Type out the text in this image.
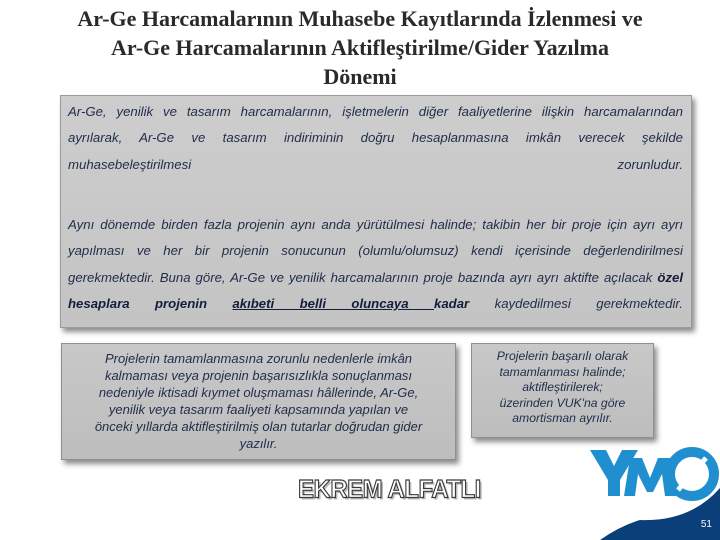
Ar-Ge Harcamalarının Muhasebe Kayıtlarında İzlenmesi ve
Ar-Ge Harcamalarının Aktifleştirilme/Gider Yazılma
Dönemi

Ar-Ge, yenilik ve tasarım harcamalarının, işletmelerin diğer faaliyetlerine ilişkin harcamalarından ayrılarak, Ar-Ge ve tasarım indiriminin doğru hesaplanmasına imkân verecek şekilde muhasebeleştirilmesi zorunludur.

Aynı dönemde birden fazla projenin aynı anda yürütülmesi halinde; takibin her bir proje için ayrı ayrı yapılması ve her bir projenin sonucunun (olumlu/olumsuz) kendi içerisinde değerlendirilmesi gerekmektedir. Buna göre, Ar-Ge ve yenilik harcamalarının proje bazında ayrı ayrı aktifte açılacak özel hesaplara projenin akıbeti belli oluncaya kadar kaydedilmesi gerekmektedir.

Projelerin tamamlanmasına zorunlu nedenlerle imkân
kalmaması veya projenin başarısızlıkla sonuçlanması
nedeniyle iktisadi kıymet oluşmaması hâllerinde, Ar-Ge,
yenilik veya tasarım faaliyeti kapsamında yapılan ve
önceki yıllarda aktifleştirilmiş olan tutarlar doğrudan gider
yazılır.
Projelerin başarılı olarak
tamamlanması halinde;
aktifleştirilerek;
üzerinden VUK'na göre
amortisman ayrılır.
EKREM ALFATLI
51
